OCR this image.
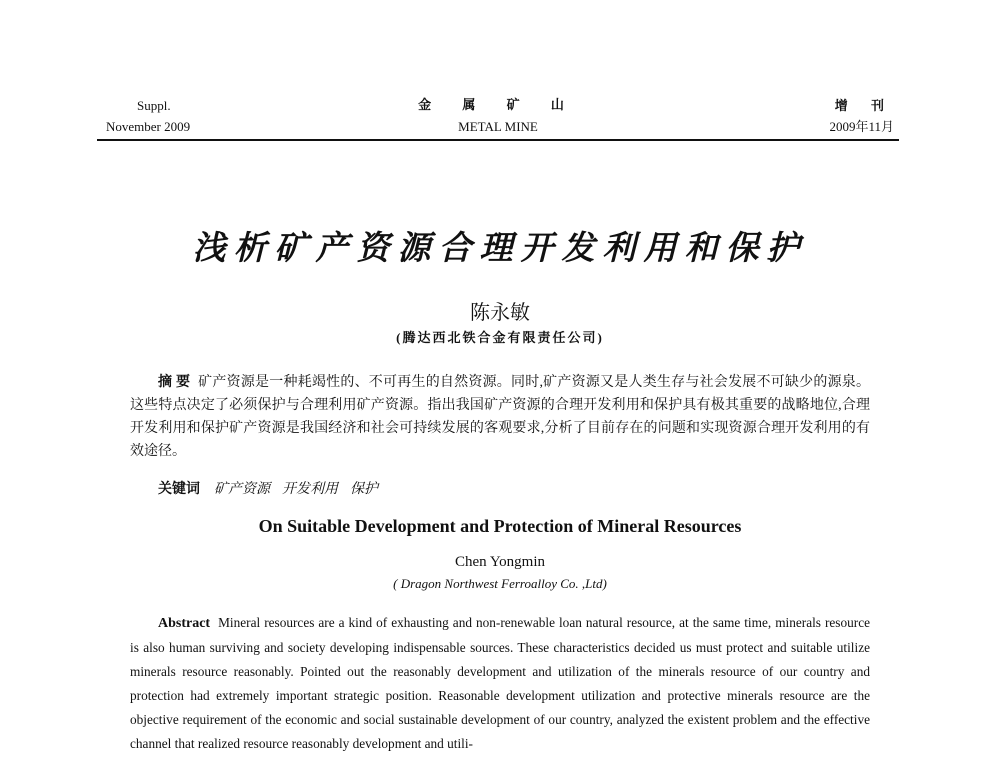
Suppl.
November 2009
金 属 矿 山
METAL MINE
增 刊
2009年11月
浅析矿产资源合理开发利用和保护
陈永敏
(腾达西北铁合金有限责任公司)

摘 要 矿产资源是一种耗竭性的、不可再生的自然资源。同时,矿产资源又是人类生存与社会发展不可缺少的源泉。这些特点决定了必须保护与合理利用矿产资源。指出我国矿产资源的合理开发利用和保护具有极其重要的战略地位,合理开发利用和保护矿产资源是我国经济和社会可持续发展的客观要求,分析了目前存在的问题和实现资源合理开发利用的有效途径。

关键词 矿产资源 开发利用 保护
On Suitable Development and Protection of Mineral Resources
Chen Yongmin
( Dragon Northwest Ferroalloy Co. ,Ltd)
Abstract Mineral resources are a kind of exhausting and non-renewable loan natural resource, at the same time, minerals resource is also human surviving and society developing indispensable sources. These characteristics decided us must protect and suitable utilize minerals resource reasonably. Pointed out the reasonably development and utilization of the minerals resource of our country and protection had extremely important strategic position. Reasonable development utilization and protective minerals resource are the objective requirement of the economic and social sustainable development of our country, analyzed the existent problem and the effective channel that realized resource reasonably development and utili-
